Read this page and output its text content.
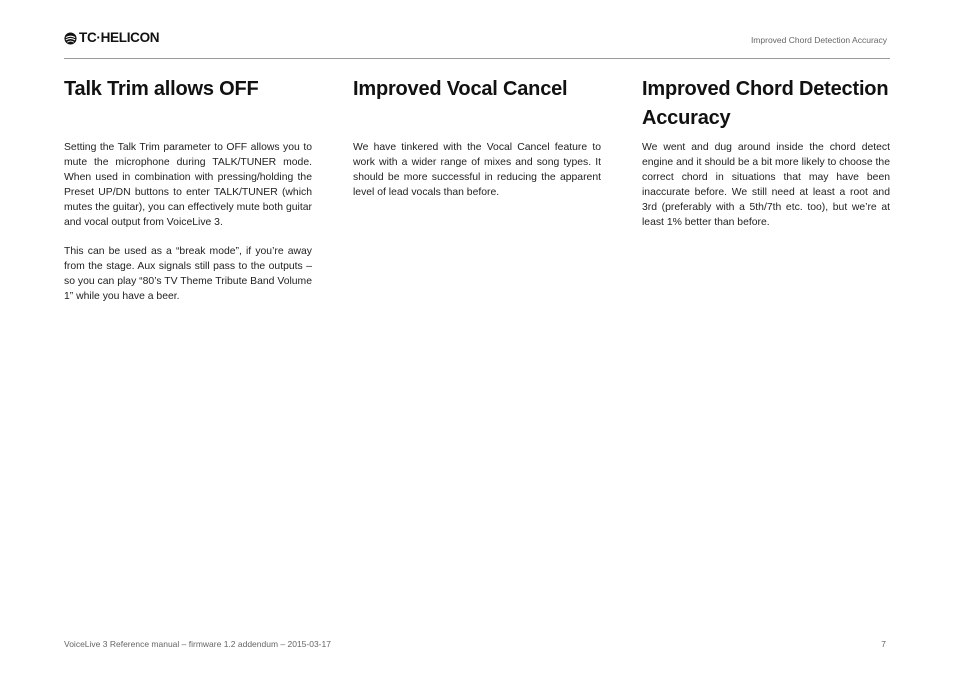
TC·HELICON	Improved Chord Detection Accuracy
Talk Trim allows OFF

Setting the Talk Trim parameter to OFF allows you to mute the microphone during TALK/TUNER mode. When used in combination with pressing/holding the Preset UP/DN buttons to enter TALK/TUNER (which mutes the guitar), you can effectively mute both guitar and vocal output from VoiceLive 3.

This can be used as a “break mode”, if you’re away from the stage. Aux signals still pass to the outputs – so you can play “80’s TV Theme Tribute Band Volume 1” while you have a beer.

Improved Vocal Cancel

We have tinkered with the Vocal Cancel feature to work with a wider range of mixes and song types. It should be more successful in reducing the apparent level of lead vocals than before.

Improved Chord Detection Accuracy

We went and dug around inside the chord detect engine and it should be a bit more likely to choose the correct chord in situations that may have been inaccurate before. We still need at least a root and 3rd (preferably with a 5th/7th etc. too), but we’re at least 1% better than before.

VoiceLive 3 Reference manual – firmware 1.2 addendum – 2015-03-17	7
